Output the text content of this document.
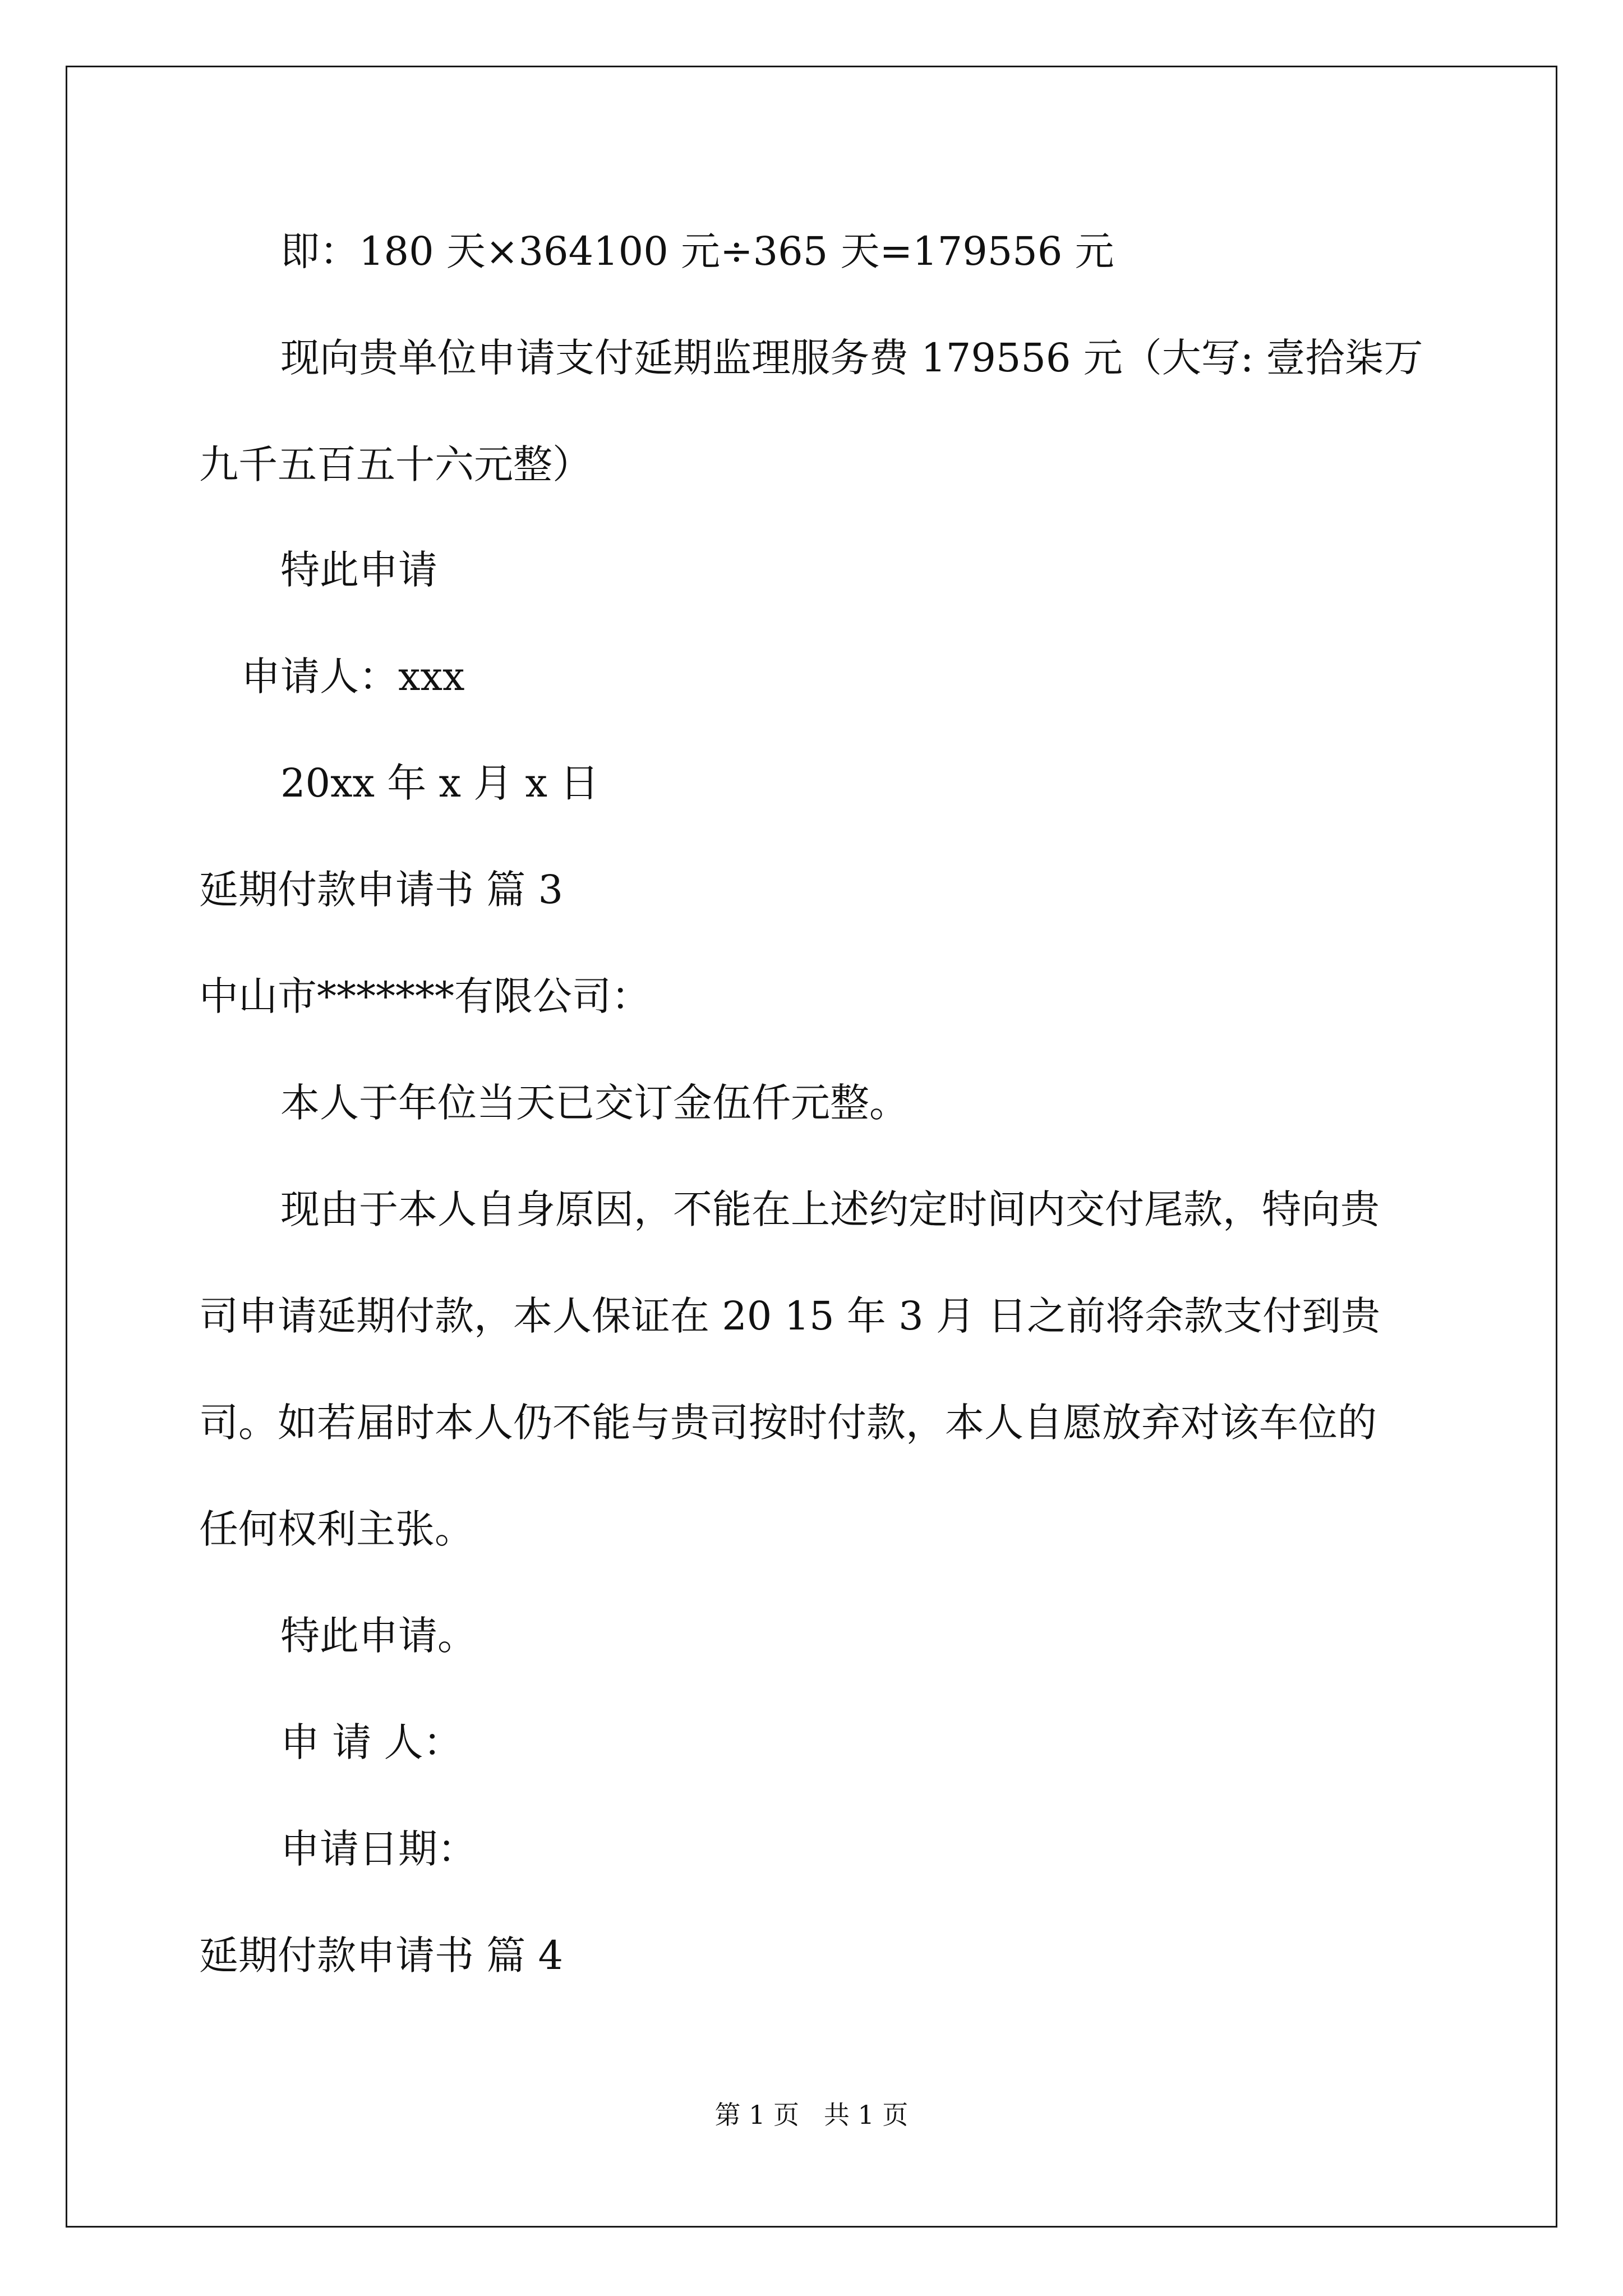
即：180 天×364100 元÷365 天=179556 元
现向贵单位申请支付延期监理服务费 179556 元（大写: 壹拾柒万
九千五百五十六元整）
特此申请
申请人：xxx
20xx 年 x 月 x 日
延期付款申请书 篇 3
中山市*******有限公司：
本人于年位当天已交订金伍仟元整。
现由于本人自身原因，不能在上述约定时间内交付尾款，特向贵
司申请延期付款，本人保证在 20 15 年 3 月 日之前将余款支付到贵
司。如若届时本人仍不能与贵司按时付款，本人自愿放弃对该车位的
任何权利主张。
特此申请。
申 请 人：
申请日期：
延期付款申请书 篇 4
第 1 页   共 1 页
